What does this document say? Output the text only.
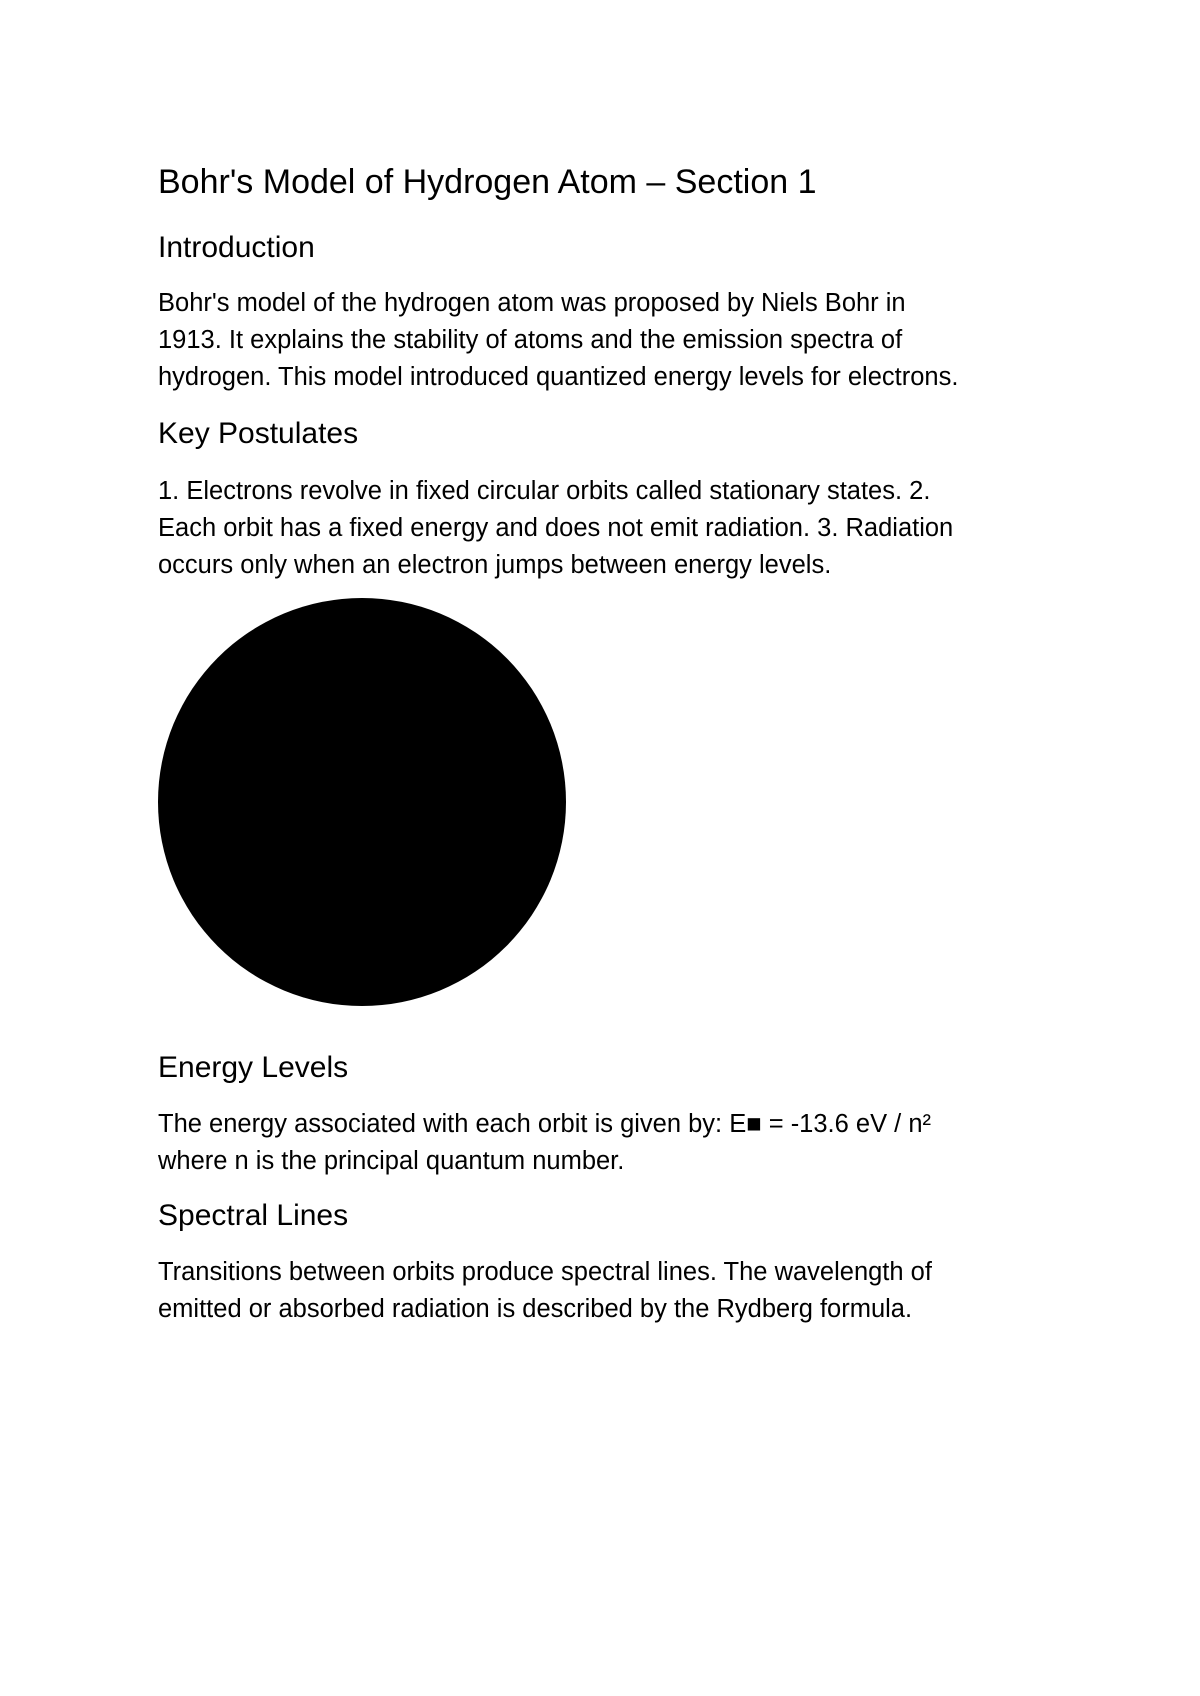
Bohr's Model of Hydrogen Atom – Section 1
Introduction

Bohr's model of the hydrogen atom was proposed by Niels Bohr in
1913. It explains the stability of atoms and the emission spectra of
hydrogen. This model introduced quantized energy levels for electrons.

Key Postulates

1. Electrons revolve in fixed circular orbits called stationary states. 2.
Each orbit has a fixed energy and does not emit radiation. 3. Radiation
occurs only when an electron jumps between energy levels.

Energy Levels

The energy associated with each orbit is given by: E■ = -13.6 eV / n²
where n is the principal quantum number.

Spectral Lines

Transitions between orbits produce spectral lines. The wavelength of
emitted or absorbed radiation is described by the Rydberg formula.
